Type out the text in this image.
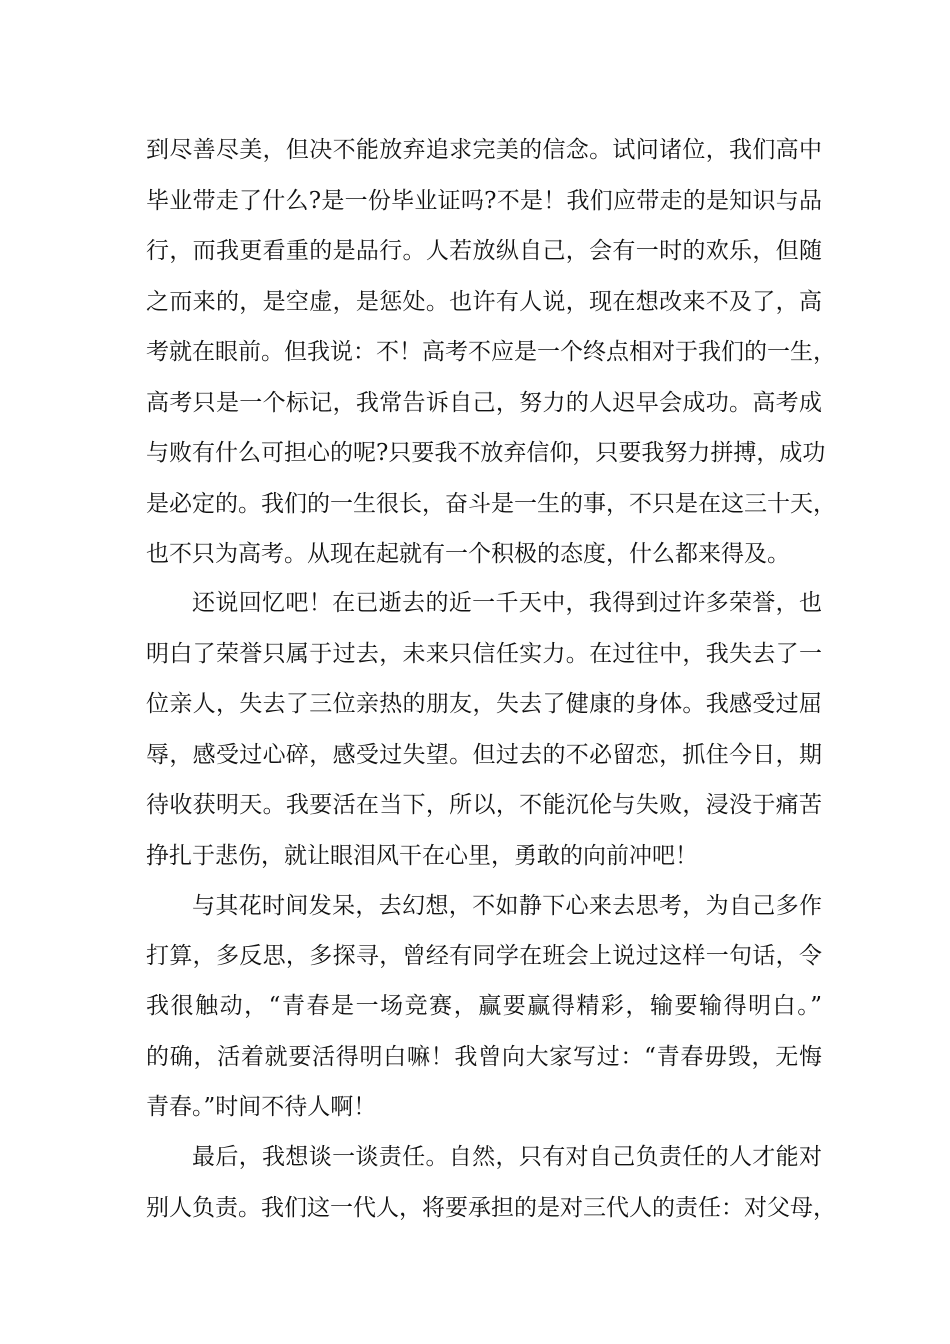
到尽善尽美，但决不能放弃追求完美的信念。试问诸位，我们高中
毕业带走了什么?是一份毕业证吗?不是！我们应带走的是知识与品
行，而我更看重的是品行。人若放纵自己，会有一时的欢乐，但随
之而来的，是空虚，是惩处。也许有人说，现在想改来不及了，高
考就在眼前。但我说：不！高考不应是一个终点相对于我们的一生，
高考只是一个标记，我常告诉自己，努力的人迟早会成功。高考成
与败有什么可担心的呢?只要我不放弃信仰，只要我努力拼搏，成功
是必定的。我们的一生很长，奋斗是一生的事，不只是在这三十天，
也不只为高考。从现在起就有一个积极的态度，什么都来得及。
还说回忆吧！在已逝去的近一千天中，我得到过许多荣誉，也
明白了荣誉只属于过去，未来只信任实力。在过往中，我失去了一
位亲人，失去了三位亲热的朋友，失去了健康的身体。我感受过屈
辱，感受过心碎，感受过失望。但过去的不必留恋，抓住今日，期
待收获明天。我要活在当下，所以，不能沉伦与失败，浸没于痛苦
挣扎于悲伤，就让眼泪风干在心里，勇敢的向前冲吧！
与其花时间发呆，去幻想，不如静下心来去思考，为自己多作
打算，多反思，多探寻，曾经有同学在班会上说过这样一句话，令
我很触动，“青春是一场竞赛，赢要赢得精彩，输要输得明白。”
的确，活着就要活得明白嘛！我曾向大家写过：“青春毋毁，无悔
青春。”时间不待人啊！
最后，我想谈一谈责任。自然，只有对自己负责任的人才能对
别人负责。我们这一代人，将要承担的是对三代人的责任：对父母，
